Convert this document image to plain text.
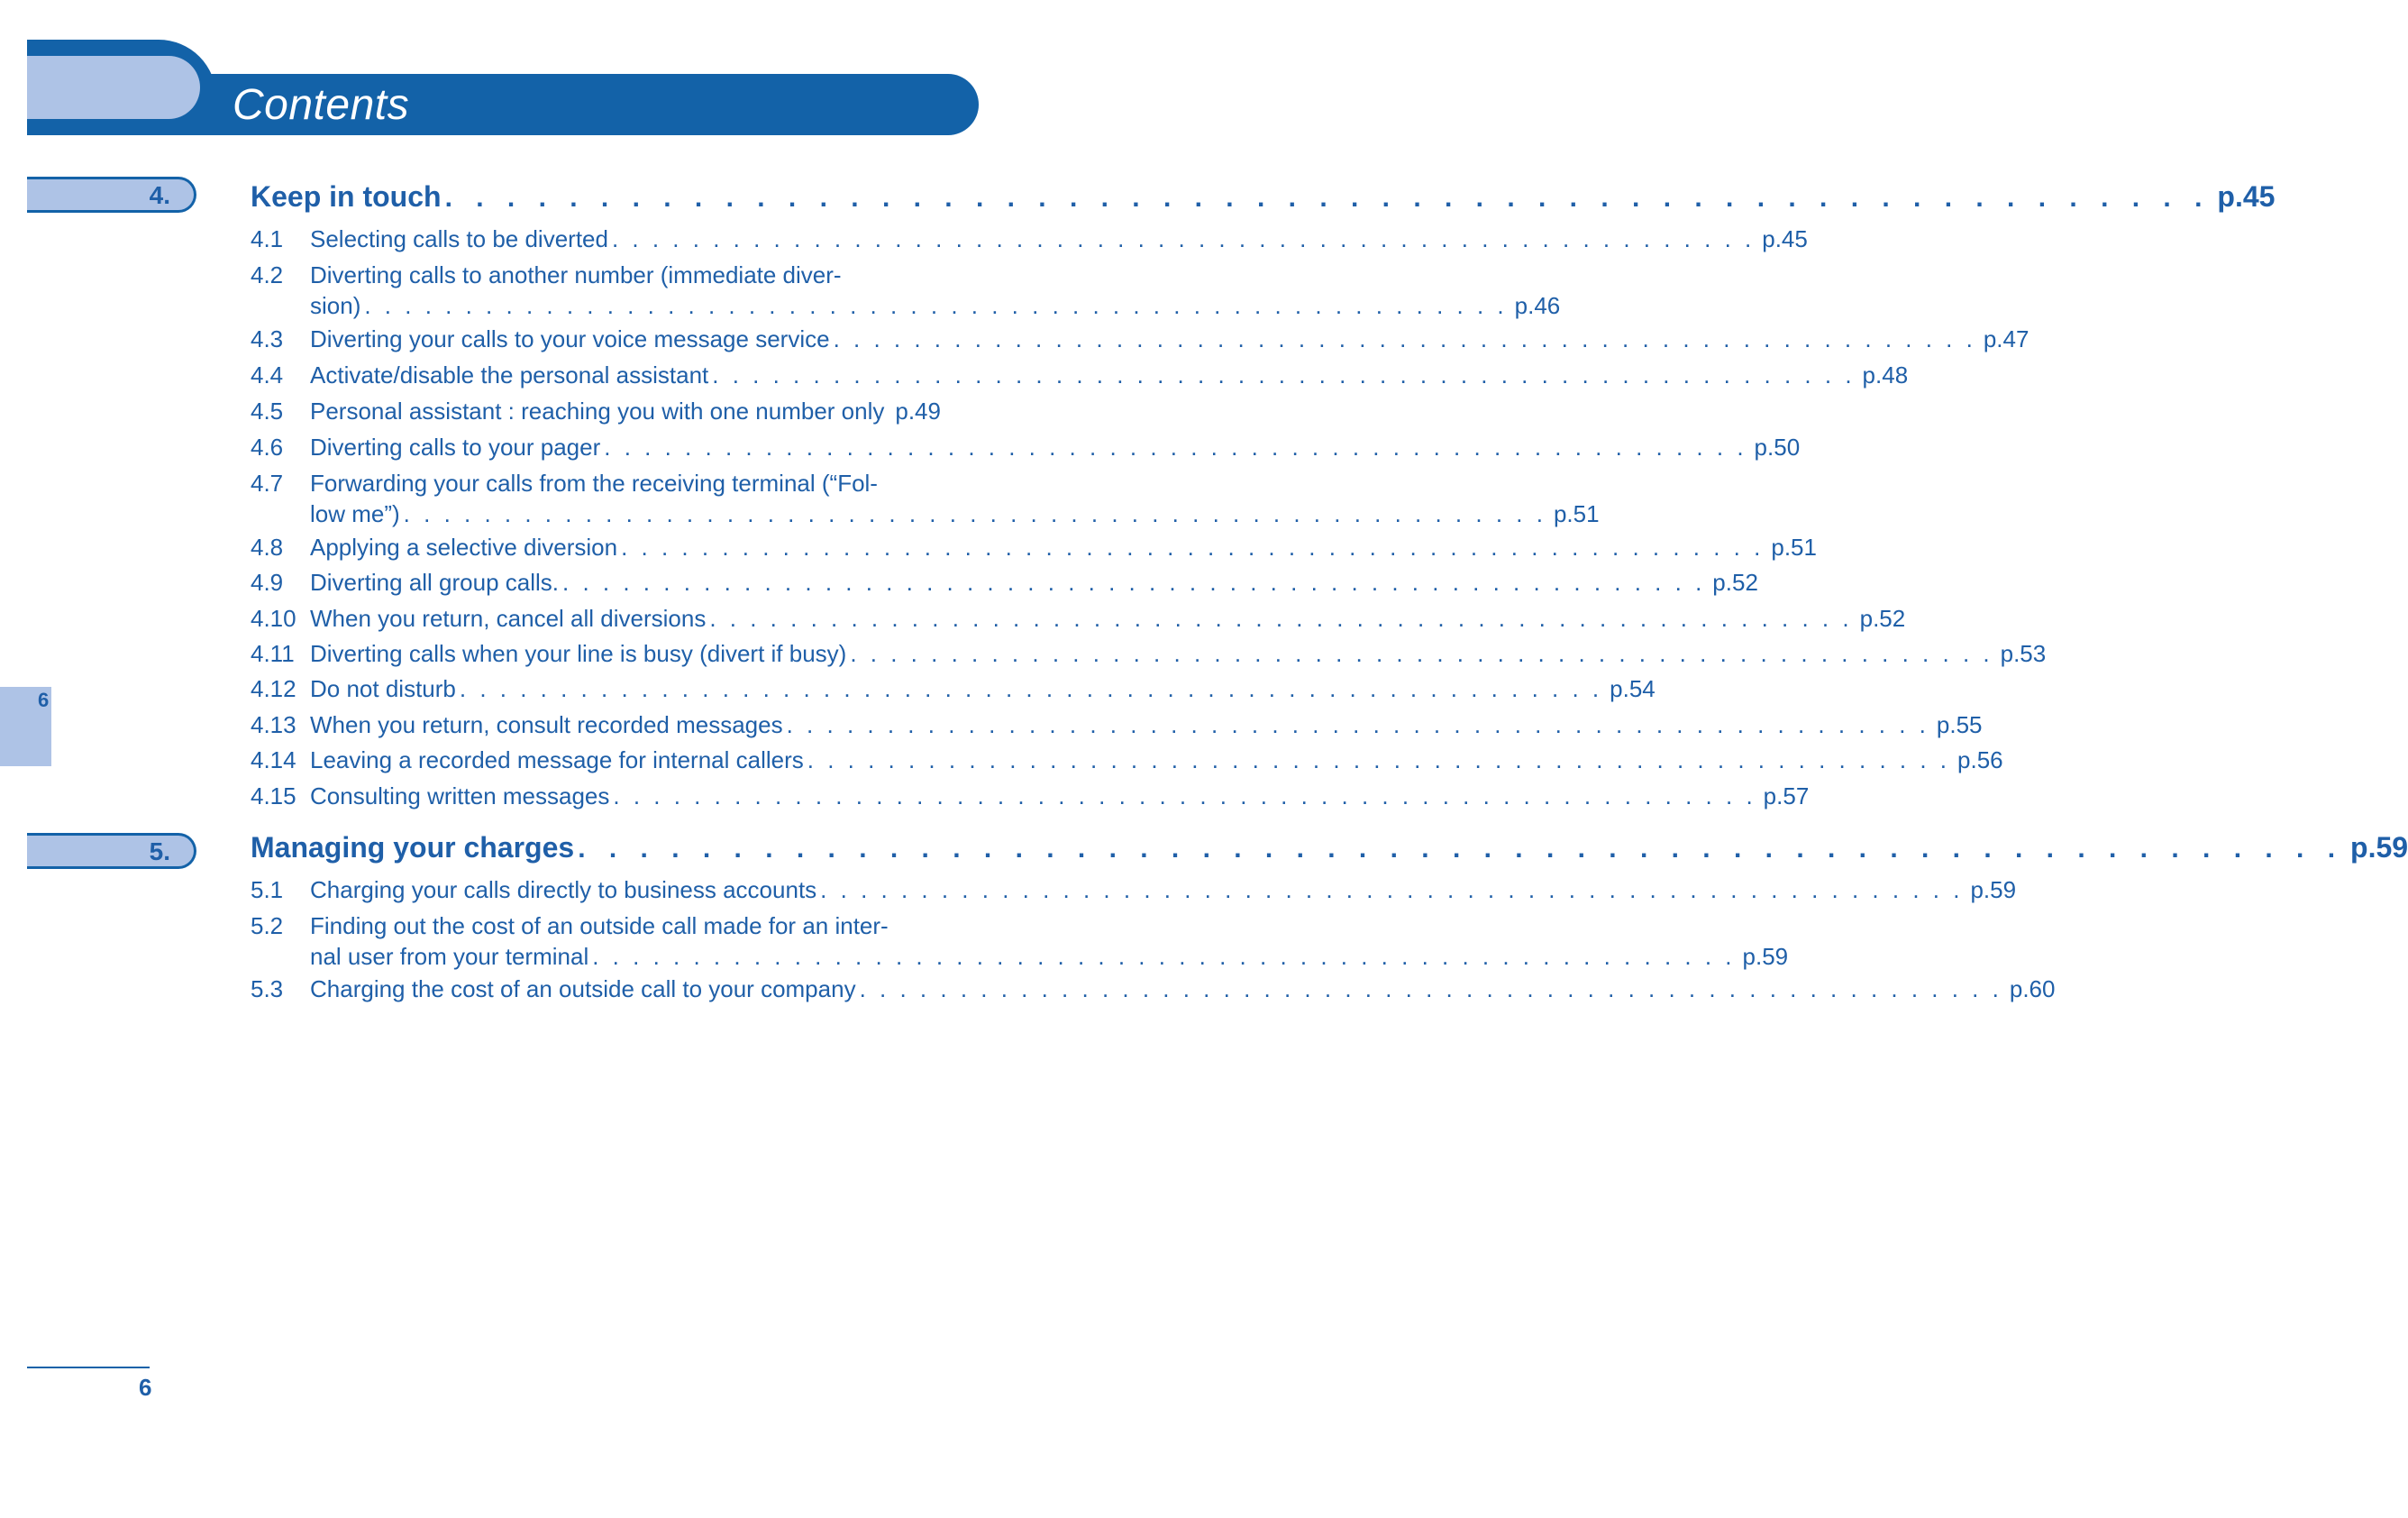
Contents
4.
5.
6
Keep in touch . . . . . . . . . . . . . . . . . . . . . . . . . . . . . . . . . . . . . . . . . . . . . . . . . . . . . . . . . p.45
4.1 Selecting calls to be diverted . . . . . . . . . . . . . . . . . . . . . . . . . . . . . . . . . . . . . . . . . . . . . . . . . . . . . . . . . p.45
4.2 Diverting calls to another number (immediate diver-
sion) . . . . . . . . . . . . . . . . . . . . . . . . . . . . . . . . . . . . . . . . . . . . . . . . . . . . . . . . . p.46
4.3 Diverting your calls to your voice message service . . . . . . . . . . . . . . . . . . . . . . . . . . . . . . . . . . . . . . . . . . . . . . . . . . . . . . . . . p.47
4.4 Activate/disable the personal assistant . . . . . . . . . . . . . . . . . . . . . . . . . . . . . . . . . . . . . . . . . . . . . . . . . . . . . . . . . p.48
4.5 Personal assistant : reaching you with one number only p.49
4.6 Diverting calls to your pager . . . . . . . . . . . . . . . . . . . . . . . . . . . . . . . . . . . . . . . . . . . . . . . . . . . . . . . . . p.50
4.7 Forwarding your calls from the receiving terminal (“Fol-
low me”) . . . . . . . . . . . . . . . . . . . . . . . . . . . . . . . . . . . . . . . . . . . . . . . . . . . . . . . . . p.51
4.8 Applying a selective diversion . . . . . . . . . . . . . . . . . . . . . . . . . . . . . . . . . . . . . . . . . . . . . . . . . . . . . . . . . p.51
4.9 Diverting all group calls. . . . . . . . . . . . . . . . . . . . . . . . . . . . . . . . . . . . . . . . . . . . . . . . . . . . . . . . . . p.52
4.10 When you return, cancel all diversions . . . . . . . . . . . . . . . . . . . . . . . . . . . . . . . . . . . . . . . . . . . . . . . . . . . . . . . . . p.52
4.11 Diverting calls when your line is busy (divert if busy) . . . . . . . . . . . . . . . . . . . . . . . . . . . . . . . . . . . . . . . . . . . . . . . . . . . . . . . . . p.53
4.12 Do not disturb . . . . . . . . . . . . . . . . . . . . . . . . . . . . . . . . . . . . . . . . . . . . . . . . . . . . . . . . . p.54
4.13 When you return, consult recorded messages . . . . . . . . . . . . . . . . . . . . . . . . . . . . . . . . . . . . . . . . . . . . . . . . . . . . . . . . . p.55
4.14 Leaving a recorded message for internal callers . . . . . . . . . . . . . . . . . . . . . . . . . . . . . . . . . . . . . . . . . . . . . . . . . . . . . . . . . p.56
4.15 Consulting written messages . . . . . . . . . . . . . . . . . . . . . . . . . . . . . . . . . . . . . . . . . . . . . . . . . . . . . . . . . p.57
Managing your charges . . . . . . . . . . . . . . . . . . . . . . . . . . . . . . . . . . . . . . . . . . . . . . . . . . . . . . . . . p.59
5.1 Charging your calls directly to business accounts . . . . . . . . . . . . . . . . . . . . . . . . . . . . . . . . . . . . . . . . . . . . . . . . . . . . . . . . . p.59
5.2 Finding out the cost of an outside call made for an inter-
nal user from your terminal . . . . . . . . . . . . . . . . . . . . . . . . . . . . . . . . . . . . . . . . . . . . . . . . . . . . . . . . . p.59
5.3 Charging the cost of an outside call to your company . . . . . . . . . . . . . . . . . . . . . . . . . . . . . . . . . . . . . . . . . . . . . . . . . . . . . . . . . p.60
6
